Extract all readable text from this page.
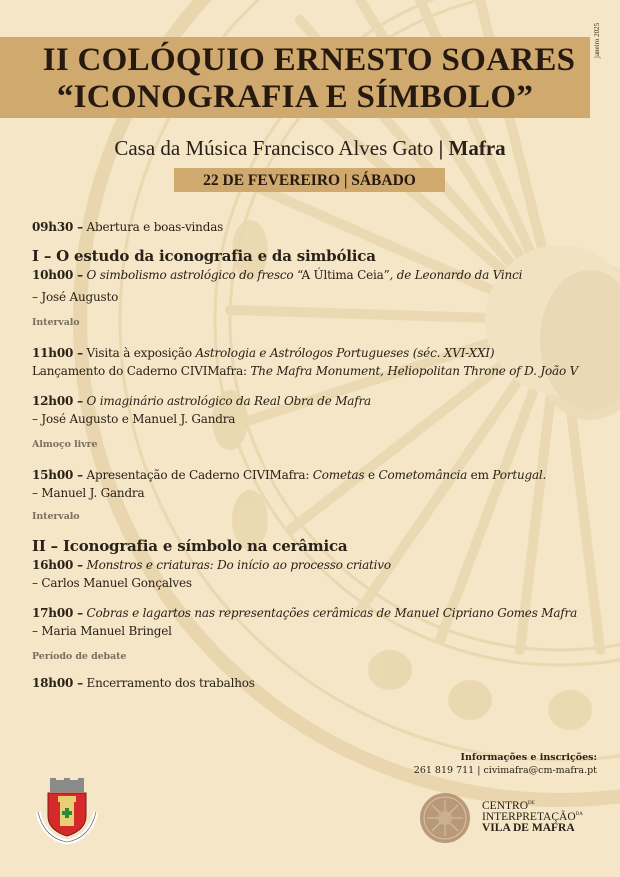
II COLÓQUIO ERNESTO SOARES
“ICONOGRAFIA E SÍMBOLO”
janeiro 2025
Casa da Música Francisco Alves Gato | Mafra
22 DE FEVEREIRO | SÁBADO
09h30 – Abertura e boas-vindas
I – O estudo da iconografia e da simbólica
10h00 – O simbolismo astrológico do fresco “A Última Ceia”, de Leonardo da Vinci
– José Augusto
Intervalo
11h00 – Visita à exposição Astrologia e Astrólogos Portugueses (séc. XVI-XXI)
Lançamento do Caderno CIVIMafra: The Mafra Monument, Heliopolitan Throne of D. João V
12h00 – O imaginário astrológico da Real Obra de Mafra
– José Augusto e Manuel J. Gandra
Almoço livre
15h00 – Apresentação de Caderno CIVIMafra: Cometas e Cometomância em Portugal.
– Manuel J. Gandra
Intervalo
II – Iconografia e símbolo na cerâmica
16h00 – Monstros e criaturas: Do início ao processo criativo
– Carlos Manuel Gonçalves
17h00 – Cobras e lagartos nas representações cerâmicas de Manuel Cipriano Gomes Mafra
– Maria Manuel Bringel
Período de debate
18h00 – Encerramento dos trabalhos
Informações e inscrições:
261 819 711 | civimafra@cm-mafra.pt
CENTRODE
INTERPRETAÇÃODA
VILA DE MAFRA
